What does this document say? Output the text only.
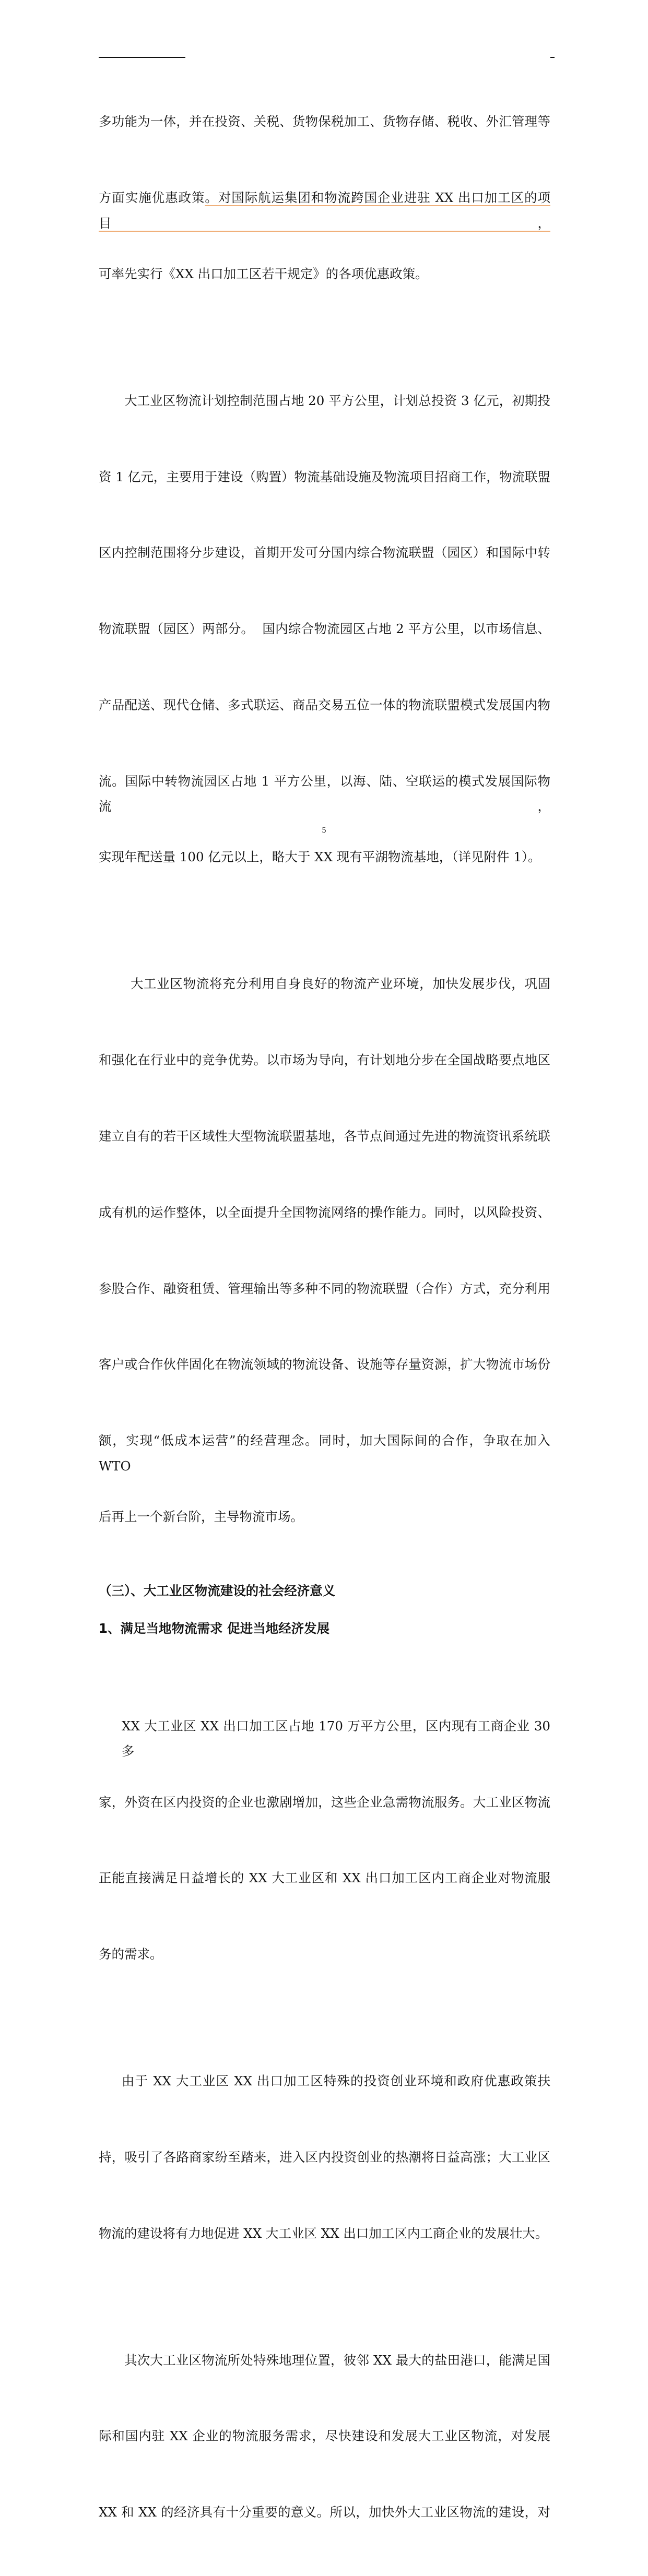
多功能为一体，并在投资、关税、货物保税加工、货物存储、税收、外汇管理等

方面实施优惠政策。对国际航运集团和物流跨国企业进驻 XX 出口加工区的项目，

可率先实行《XX 出口加工区若干规定》的各项优惠政策。

大工业区物流计划控制范围占地 20 平方公里，计划总投资 3 亿元，初期投

资 1 亿元，主要用于建设（购置）物流基础设施及物流项目招商工作，物流联盟

区内控制范围将分步建设，首期开发可分国内综合物流联盟（园区）和国际中转

物流联盟（园区）两部分。  国内综合物流园区占地 2 平方公里，以市场信息、

产品配送、现代仓储、多式联运、商品交易五位一体的物流联盟模式发展国内物

流。国际中转物流园区占地 1 平方公里，以海、陆、空联运的模式发展国际物流，

实现年配送量 100 亿元以上，略大于 XX 现有平湖物流基地，（详见附件 1）。

大工业区物流将充分利用自身良好的物流产业环境，加快发展步伐，巩固

和强化在行业中的竞争优势。以市场为导向，有计划地分步在全国战略要点地区

建立自有的若干区域性大型物流联盟基地，各节点间通过先进的物流资讯系统联

成有机的运作整体，以全面提升全国物流网络的操作能力。同时，以风险投资、

参股合作、融资租赁、管理输出等多种不同的物流联盟（合作）方式，充分利用

客户或合作伙伴固化在物流领域的物流设备、设施等存量资源，扩大物流市场份

额，实现“低成本运营”的经营理念。同时，加大国际间的合作，争取在加入 WTO

后再上一个新台阶，主导物流市场。

（三）、大工业区物流建设的社会经济意义
1、满足当地物流需求 促进当地经济发展

XX 大工业区 XX 出口加工区占地 170 万平方公里，区内现有工商企业 30 多

家，外资在区内投资的企业也激剧增加，这些企业急需物流服务。大工业区物流

正能直接满足日益增长的 XX 大工业区和 XX 出口加工区内工商企业对物流服

务的需求。

由于 XX 大工业区 XX 出口加工区特殊的投资创业环境和政府优惠政策扶

持，吸引了各路商家纷至踏来，进入区内投资创业的热潮将日益高涨；大工业区

物流的建设将有力地促进 XX 大工业区 XX 出口加工区内工商企业的发展壮大。

其次大工业区物流所处特殊地理位置，彼邻 XX 最大的盐田港口，能满足国

际和国内驻 XX 企业的物流服务需求，尽快建设和发展大工业区物流，对发展

XX 和 XX 的经济具有十分重要的意义。所以，加快外大工业区物流的建设，对

5
